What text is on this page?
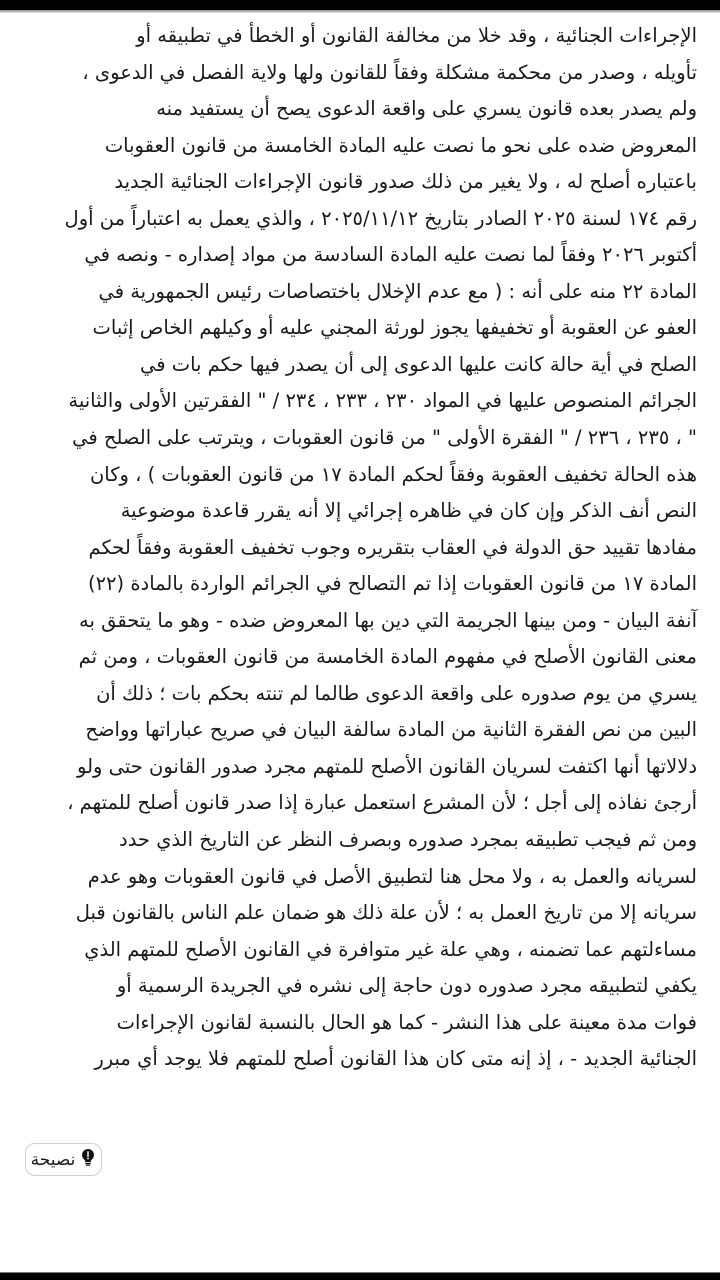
الإجراءات الجنائية ، وقد خلا من مخالفة القانون أو الخطأ في تطبيقه أو
تأويله ، وصدر من محكمة مشكلة وفقاً للقانون ولها ولاية الفصل في الدعوى ،
ولم يصدر بعده قانون يسري على واقعة الدعوى يصح أن يستفيد منه
المعروض ضده على نحو ما نصت عليه المادة الخامسة من قانون العقوبات
باعتباره أصلح له ، ولا يغير من ذلك صدور قانون الإجراءات الجنائية الجديد
رقم ١٧٤ لسنة ٢٠٢٥ الصادر بتاريخ ٢٠٢٥/١١/١٢ ، والذي يعمل به اعتباراً من أول
أكتوبر ٢٠٢٦ وفقاً لما نصت عليه المادة السادسة من مواد إصداره - ونصه في
المادة ٢٢ منه على أنه : ( مع عدم الإخلال باختصاصات رئيس الجمهورية في
العفو عن العقوبة أو تخفيفها يجوز لورثة المجني عليه أو وكيلهم الخاص إثبات
الصلح في أية حالة كانت عليها الدعوى إلى أن يصدر فيها حكم بات في
الجرائم المنصوص عليها في المواد ٢٣٠ ، ٢٣٣ ، ٢٣٤ / " الفقرتين الأولى والثانية
" ، ٢٣٥ ، ٢٣٦ / " الفقرة الأولى " من قانون العقوبات ، ويترتب على الصلح في
هذه الحالة تخفيف العقوبة وفقاً لحكم المادة ١٧ من قانون العقوبات ) ، وكان
النص أنف الذكر وإن كان في ظاهره إجرائي إلا أنه يقرر قاعدة موضوعية
مفادها تقييد حق الدولة في العقاب بتقريره وجوب تخفيف العقوبة وفقاً لحكم
المادة ١٧ من قانون العقوبات إذا تم التصالح في الجرائم الواردة بالمادة (٢٢)
آنفة البيان - ومن بينها الجريمة التي دين بها المعروض ضده - وهو ما يتحقق به
معنى القانون الأصلح في مفهوم المادة الخامسة من قانون العقوبات ، ومن ثم
يسري من يوم صدوره على واقعة الدعوى طالما لم تنته بحكم بات ؛ ذلك أن
البين من نص الفقرة الثانية من المادة سالفة البيان في صريح عباراتها وواضح
دلالاتها أنها اكتفت لسريان القانون الأصلح للمتهم مجرد صدور القانون حتى ولو
أرجئ نفاذه إلى أجل ؛ لأن المشرع استعمل عبارة إذا صدر قانون أصلح للمتهم ،
ومن ثم فيجب تطبيقه بمجرد صدوره وبصرف النظر عن التاريخ الذي حدد
لسريانه والعمل به ، ولا محل هنا لتطبيق الأصل في قانون العقوبات وهو عدم
سريانه إلا من تاريخ العمل به ؛ لأن علة ذلك هو ضمان علم الناس بالقانون قبل
مساءلتهم عما تضمنه ، وهي علة غير متوافرة في القانون الأصلح للمتهم الذي
يكفي لتطبيقه مجرد صدوره دون حاجة إلى نشره في الجريدة الرسمية أو
فوات مدة معينة على هذا النشر - كما هو الحال بالنسبة لقانون الإجراءات
الجنائية الجديد - ، إذ إنه متى كان هذا القانون أصلح للمتهم فلا يوجد أي مبرر
نصيحة
